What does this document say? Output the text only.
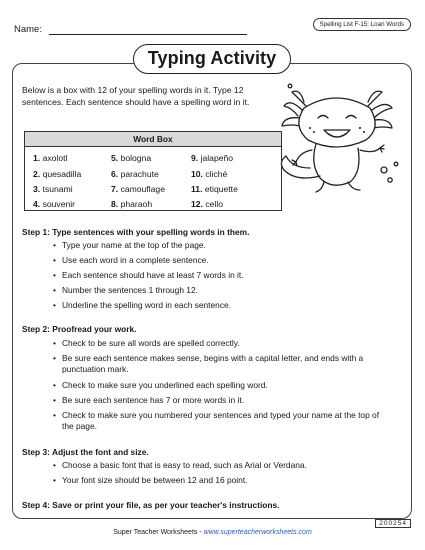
Name:	Spelling List F-15: Loan Words
Typing Activity
Below is a box with 12 of your spelling words in it. Type 12 sentences. Each sentence should have a spelling word in it.
Word Box
1. axolotl
2. quesadilla
3. tsunami
4. souvenir
5. bologna
6. parachute
7. camouflage
8. pharaoh
9. jalapeño
10. cliché
11. etiquette
12. cello
Step 1: Type sentences with your spelling words in them.
• Type your name at the top of the page.
• Use each word in a complete sentence.
• Each sentence should have at least 7 words in it.
• Number the sentences 1 through 12.
• Underline the spelling word in each sentence.
Step 2: Proofread your work.
• Check to be sure all words are spelled correctly.
• Be sure each sentence makes sense, begins with a capital letter, and ends with a punctuation mark.
• Check to make sure you underlined each spelling word.
• Be sure each sentence has 7 or more words in it.
• Check to make sure you numbered your sentences and typed your name at the top of the page.
Step 3: Adjust the font and size.
• Choose a basic font that is easy to read, such as Arial or Verdana.
• Your font size should be between 12 and 16 point.
Step 4: Save or print your file, as per your teacher's instructions.
200254
Super Teacher Worksheets - www.superteacherworksheets.com
